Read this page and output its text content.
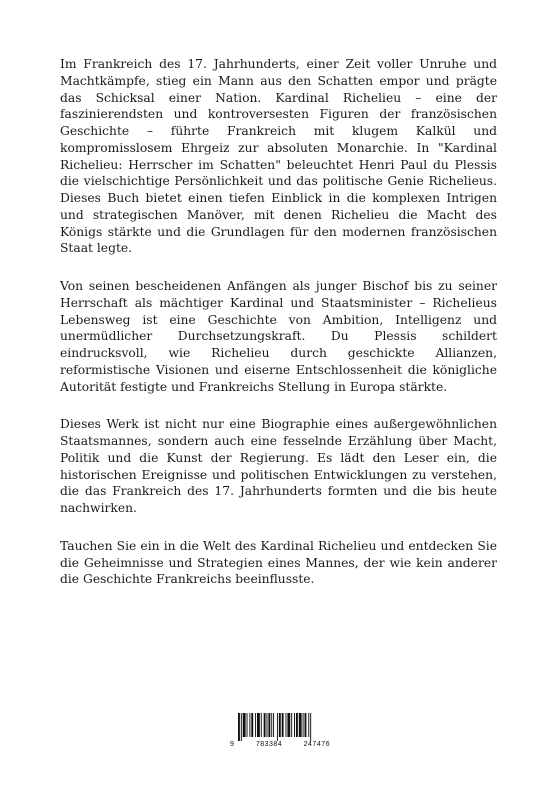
Im Frankreich des 17. Jahrhunderts, einer Zeit voller Unruhe und Machtkämpfe, stieg ein Mann aus den Schatten empor und prägte das Schicksal einer Nation. Kardinal Richelieu – eine der faszinierendsten und kontroversesten Figuren der französischen Geschichte – führte Frankreich mit klugem Kalkül und kompromisslosem Ehrgeiz zur absoluten Monarchie. In "Kardinal Richelieu: Herrscher im Schatten" beleuchtet Henri Paul du Plessis die vielschichtige Persönlichkeit und das politische Genie Richelieus. Dieses Buch bietet einen tiefen Einblick in die komplexen Intrigen und strategischen Manöver, mit denen Richelieu die Macht des Königs stärkte und die Grundlagen für den modernen französischen Staat legte.

Von seinen bescheidenen Anfängen als junger Bischof bis zu seiner Herrschaft als mächtiger Kardinal und Staatsminister – Richelieus Lebensweg ist eine Geschichte von Ambition, Intelligenz und unermüdlicher Durchsetzungskraft. Du Plessis schildert eindrucksvoll, wie Richelieu durch geschickte Allianzen, reformistische Visionen und eiserne Entschlossenheit die königliche Autorität festigte und Frankreichs Stellung in Europa stärkte.

Dieses Werk ist nicht nur eine Biographie eines außergewöhnlichen Staatsmannes, sondern auch eine fesselnde Erzählung über Macht, Politik und die Kunst der Regierung. Es lädt den Leser ein, die historischen Ereignisse und politischen Entwicklungen zu verstehen, die das Frankreich des 17. Jahrhunderts formten und die bis heute nachwirken.

Tauchen Sie ein in die Welt des Kardinal Richelieu und entdecken Sie die Geheimnisse und Strategien eines Mannes, der wie kein anderer die Geschichte Frankreichs beeinflusste.

9	783384	247476
